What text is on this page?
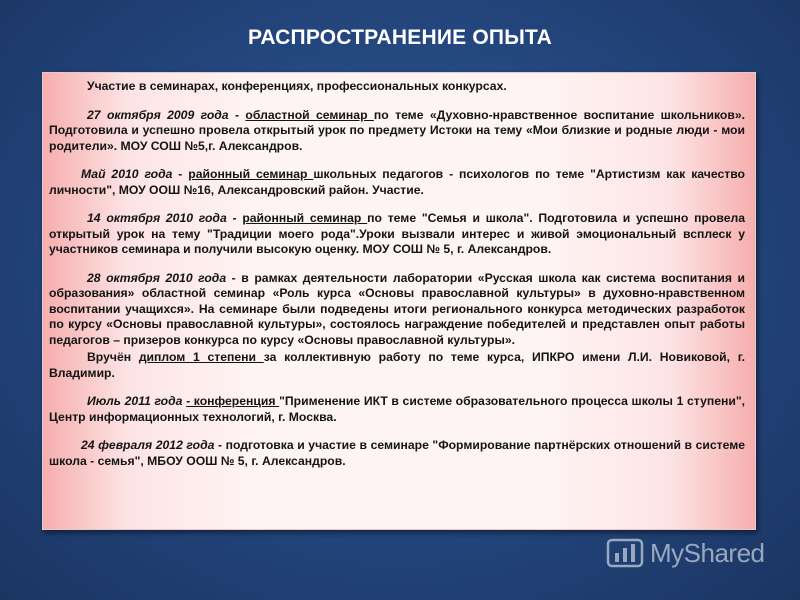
РАСПРОСТРАНЕНИЕ ОПЫТА

Участие в семинарах, конференциях, профессиональных конкурсах.

27 октября 2009 года - областной семинар по теме «Духовно-нравственное воспитание школьников». Подготовила и успешно провела открытый урок по предмету Истоки на тему «Мои близкие и родные люди - мои родители». МОУ СОШ №5,г. Александров.

Май 2010 года - районный семинар школьных педагогов - психологов по теме "Артистизм как качество личности", МОУ ООШ №16, Александровский район. Участие.

14 октября 2010 года - районный семинар по теме "Семья и школа". Подготовила и успешно провела открытый урок на тему "Традиции моего рода".Уроки вызвали интерес и живой эмоциональный всплеск у участников семинара и получили высокую оценку. МОУ СОШ № 5, г. Александров.

28 октября 2010 года - в рамках деятельности лаборатории «Русская школа как система воспитания и образования» областной семинар «Роль курса «Основы православной культуры» в духовно-нравственном воспитании учащихся». На семинаре были подведены итоги регионального конкурса методических разработок по курсу «Основы православной культуры», состоялось награждение победителей и представлен опыт работы педагогов – призеров конкурса по курсу «Основы православной культуры».

Вручён диплом 1 степени за коллективную работу по теме курса, ИПКРО имени Л.И. Новиковой, г. Владимир.

Июль 2011 года - конференция "Применение ИКТ в системе образовательного процесса школы 1 ступени", Центр информационных технологий, г. Москва.

24 февраля 2012 года - подготовка и участие в семинаре "Формирование партнёрских отношений в системе школа - семья", МБОУ ООШ № 5, г. Александров.

MyShared
